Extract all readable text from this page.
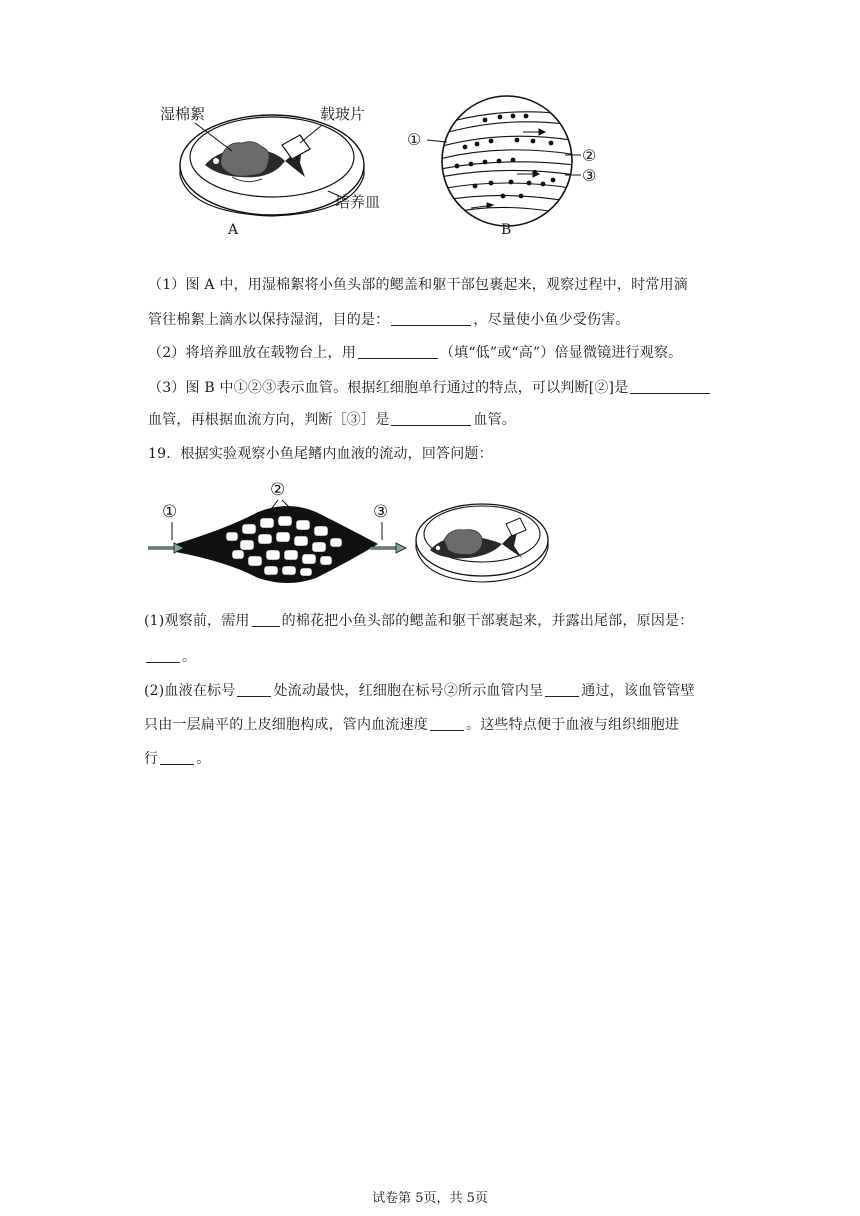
湿棉絮	载玻片
培养皿
A
①
②
③
B
（1）图 A 中，用湿棉絮将小鱼头部的鳃盖和躯干部包裹起来，观察过程中，时常用滴
管往棉絮上滴水以保持湿润，目的是：	，尽量使小鱼少受伤害。
（2）将培养皿放在载物台上，用	（填“低”或“高”）倍显微镜进行观察。
（3）图 B 中①②③表示血管。根据红细胞单行通过的特点，可以判断[②]是
血管，再根据血流方向，判断［③］是	血管。
19．根据实验观察小鱼尾鳍内血液的流动，回答问题：
①
②
③
(1)观察前，需用 的棉花把小鱼头部的鳃盖和躯干部裹起来，并露出尾部，原因是：
。
(2)血液在标号	处流动最快，红细胞在标号②所示血管内呈	通过，该血管管壁
只由一层扁平的上皮细胞构成，管内血流速度	。这些特点便于血液与组织细胞进
行	。
试卷第 5页，共 5页
